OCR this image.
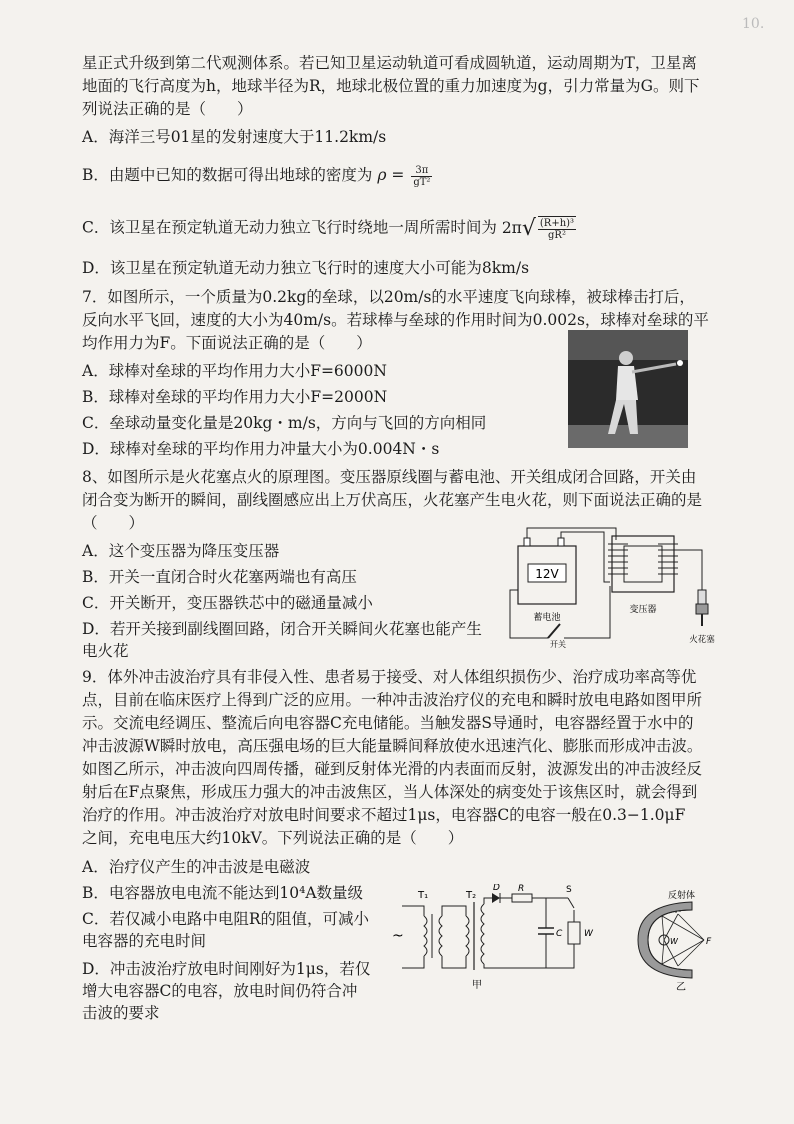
10.
星正式升级到第二代观测体系。若已知卫星运动轨道可看成圆轨道，运动周期为T，卫星离
地面的飞行高度为h，地球半径为R，地球北极位置的重力加速度为g，引力常量为G。则下
列说法正确的是（　　）
A．海洋三号01星的发射速度大于11.2km/s
B．由题中已知的数据可得出地球的密度为 $\rho = \frac{3\pi}{\text{gT²}}$
C．该卫星在预定轨道无动力独立飞行时绕地一周所需时间为 $2\pi√ \frac{\text{(R+h)³}}{\text{gR²}}$
D．该卫星在预定轨道无动力独立飞行时的速度大小可能为8km/s
7．如图所示，一个质量为0.2kg的垒球，以20m/s的水平速度飞向球棒，被球棒击打后，
反向水平飞回，速度的大小为40m/s。若球棒与垒球的作用时间为0.002s，球棒对垒球的平
均作用力为F。下面说法正确的是（　　）
A．球棒对垒球的平均作用力大小F=6000N
B．球棒对垒球的平均作用力大小F=2000N
C．垒球动量变化量是20kg・m/s，方向与飞回的方向相同
D．球棒对垒球的平均作用力冲量大小为0.004N・s
8、如图所示是火花塞点火的原理图。变压器原线圈与蓄电池、开关组成闭合回路，开关由
闭合变为断开的瞬间，副线圈感应出上万伏高压，火花塞产生电火花，则下面说法正确的是
（　　）
A．这个变压器为降压变压器
B．开关一直闭合时火花塞两端也有高压
C．开关断开，变压器铁芯中的磁通量减小
D．若开关接到副线圈回路，闭合开关瞬间火花塞也能产生
电火花
12V
蓄电池
变压器
开关	火花塞
9．体外冲击波治疗具有非侵入性、患者易于接受、对人体组织损伤少、治疗成功率高等优
点，目前在临床医疗上得到广泛的应用。一种冲击波治疗仪的充电和瞬时放电电路如图甲所
示。交流电经调压、整流后向电容器C充电储能。当触发器S导通时，电容器经置于水中的
冲击波源W瞬时放电，高压强电场的巨大能量瞬间释放使水迅速汽化、膨胀而形成冲击波。
如图乙所示，冲击波向四周传播，碰到反射体光滑的内表面而反射，波源发出的冲击波经反
射后在F点聚焦，形成压力强大的冲击波焦区，当人体深处的病变处于该焦区时，就会得到
治疗的作用。冲击波治疗对放电时间要求不超过1μs，电容器C的电容一般在0.3−1.0μF
之间，充电电压大约10kV。下列说法正确的是（　　）
A．治疗仪产生的冲击波是电磁波
B．电容器放电电流不能达到10⁴A数量级
C．若仅减小电路中电阻R的阻值，可减小
电容器的充电时间
D．冲击波治疗放电时间刚好为1μs，若仅
增大电容器C的电容，放电时间仍符合冲
击波的要求
T₁	T₂
~
D R
C
S
W
甲
反射体
W	F
乙
